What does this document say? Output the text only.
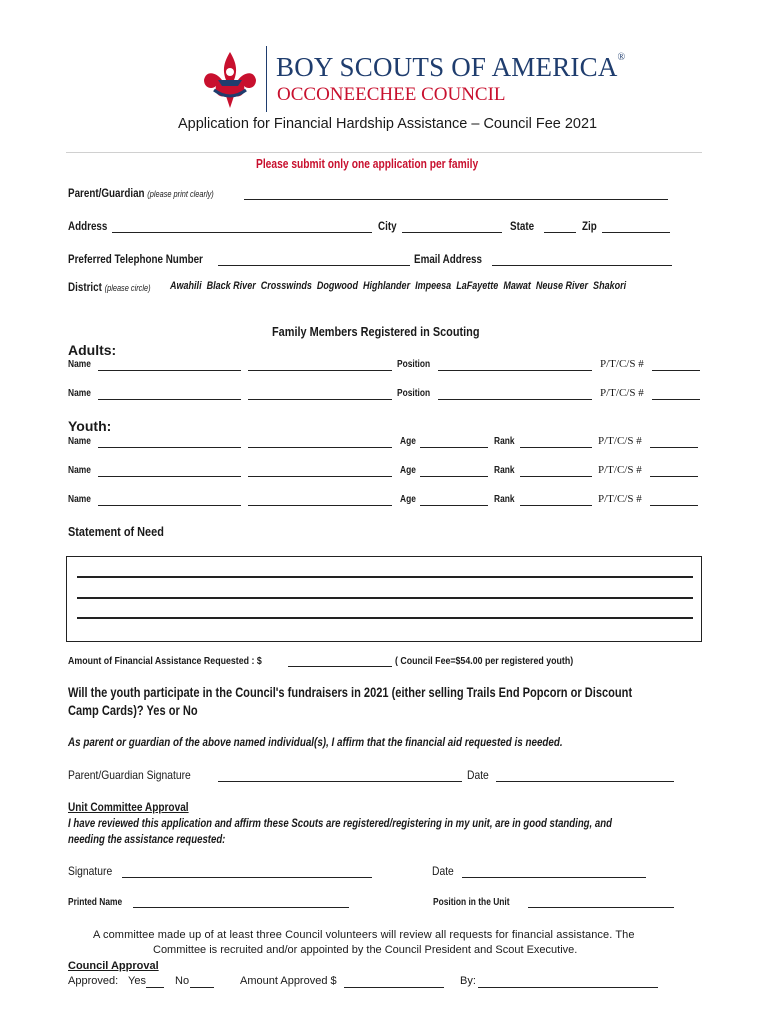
BOY SCOUTS OF AMERICA®
OCCONEECHEE COUNCIL
Application for Financial Hardship Assistance – Council Fee 2021
Please submit only one application per family
Parent/Guardian (please print clearly)
Address	City	State	Zip
Preferred Telephone Number	Email Address
District (please circle) Awahili  Black River  Crosswinds  Dogwood  Highlander  Impeesa  LaFayette  Mawat  Neuse River  Shakori
Family Members Registered in Scouting
Adults:
Name	Position	P/T/C/S #
Name	Position	P/T/C/S #
Youth:
Name	Age	Rank	P/T/C/S #
Name	Age	Rank	P/T/C/S #
Name	Age	Rank	P/T/C/S #
Statement of Need
Amount of Financial Assistance Requested : $	( Council Fee=$54.00 per registered youth)
Will the youth participate in the Council's fundraisers in 2021 (either selling Trails End Popcorn or Discount
Camp Cards)? Yes or No
As parent or guardian of the above named individual(s), I affirm that the financial aid requested is needed.
Parent/Guardian Signature	Date
Unit Committee Approval
I have reviewed this application and affirm these Scouts are registered/registering in my unit, are in good standing, and
needing the assistance requested:
Signature	Date
Printed Name	Position in the Unit
A committee made up of at least three Council volunteers will review all requests for financial assistance. The
Committee is recruited and/or appointed by the Council President and Scout Executive.
Council Approval
Approved: Yes	No	Amount Approved $	By:
